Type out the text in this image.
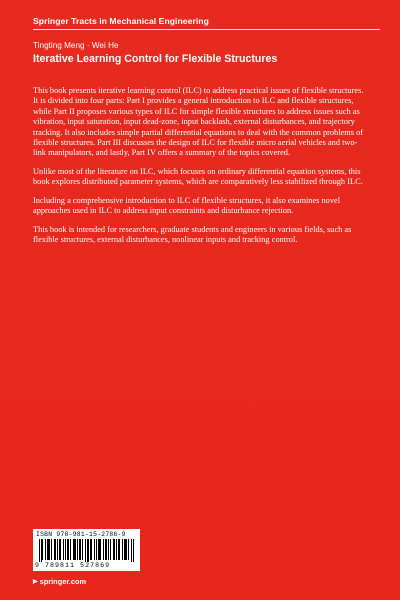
Springer Tracts in Mechanical Engineering
Tingting Meng · Wei He
Iterative Learning Control for Flexible Structures

This book presents iterative learning control (ILC) to address practical issues of flexible structures. It is divided into four parts: Part I provides a general introduction to ILC and flexible structures, while Part II proposes various types of ILC for simple flexible structures to address issues such as vibration, input saturation, input dead-zone, input backlash, external disturbances, and trajectory tracking. It also includes simple partial differential equations to deal with the common problems of flexible structures. Part III discusses the design of ILC for flexible micro aerial vehicles and two-link manipulators, and lastly, Part IV offers a summary of the topics covered.

Unlike most of the literature on ILC, which focuses on ordinary differential equation systems, this book explores distributed parameter systems, which are comparatively less stabilized through ILC.

Including a comprehensive introduction to ILC of flexible structures, it also examines novel approaches used in ILC to address input constraints and disturbance rejection.

This book is intended for researchers, graduate students and engineers in various fields, such as flexible structures, external disturbances, nonlinear inputs and tracking control.

ISBN 978-981-15-2786-9
9 789811 527869
▶ springer.com
